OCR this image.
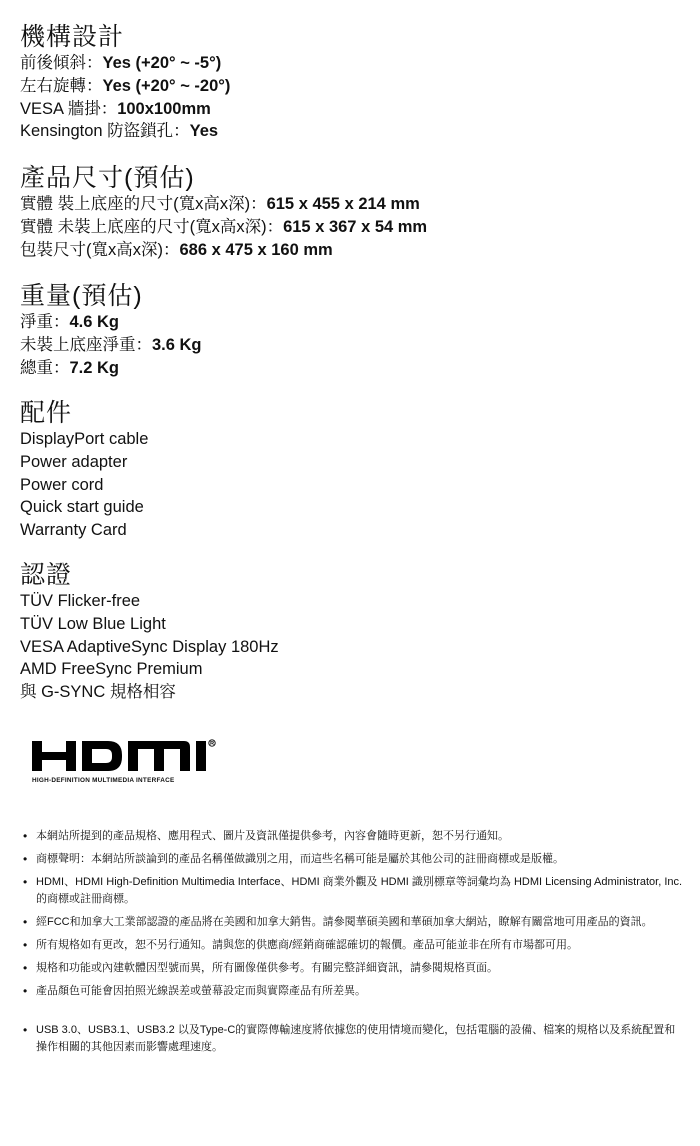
機構設計

前後傾斜：Yes (+20° ~ -5°)

左右旋轉：Yes (+20° ~ -20°)

VESA 牆掛：100x100mm

Kensington 防盜鎖孔：Yes

產品尺寸(預估)

實體 裝上底座的尺寸(寬x高x深)：615 x 455 x 214 mm

實體 未裝上底座的尺寸(寬x高x深)：615 x 367 x 54 mm

包裝尺寸(寬x高x深)：686 x 475 x 160 mm

重量(預估)

淨重：4.6 Kg

未裝上底座淨重：3.6 Kg

總重：7.2 Kg

配件

DisplayPort cable

Power adapter

Power cord

Quick start guide

Warranty Card

認證

TÜV Flicker-free

TÜV Low Blue Light

VESA AdaptiveSync Display 180Hz

AMD FreeSync Premium

與 G-SYNC 規格相容

HIGH-DEFINITION MULTIMEDIA INTERFACE
• 本網站所提到的產品規格、應用程式、圖片及資訊僅提供參考，內容會隨時更新，恕不另行通知。
• 商標聲明：本網站所談論到的產品名稱僅做識別之用，而這些名稱可能是屬於其他公司的註冊商標或是版權。
• HDMI、HDMI High-Definition Multimedia Interface、HDMI 商業外觀及 HDMI 識別標章等詞彙均為 HDMI Licensing Administrator, Inc. 的商標或註冊商標。
• 經FCC和加拿大工業部認證的產品將在美國和加拿大銷售。請參閱華碩美國和華碩加拿大網站，瞭解有關當地可用產品的資訊。
• 所有規格如有更改，恕不另行通知。請與您的供應商/經銷商確認確切的報價。產品可能並非在所有市場都可用。
• 規格和功能或內建軟體因型號而異，所有圖像僅供參考。有關完整詳細資訊，請參閱規格頁面。
• 產品顏色可能會因拍照光線誤差或螢幕設定而與實際產品有所差異。
• USB 3.0、USB3.1、USB3.2 以及Type-C的實際傳輸速度將依據您的使用情境而變化，包括電腦的設備、檔案的規格以及系統配置和操作相關的其他因素而影響處理速度。
